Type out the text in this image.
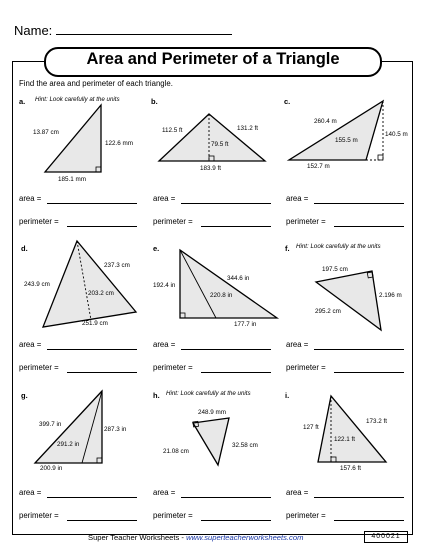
Name:
Area and Perimeter of a Triangle
Find the area and perimeter of each triangle.
a. Hint: Look carefully at the units
13.87 cm
122.6 mm
185.1 mm
b.
112.5 ft	131.2 ft
79.5 ft
183.9 ft
c.
260.4 m
155.5 m
140.5 m
152.7 m
area =
perimeter =
area =
perimeter =
area =
perimeter =
d.
237.3 cm
243.9 cm
203.2 cm
251.9 cm
e.
344.6 in
192.4 in
220.8 in
177.7 in
f. Hint: Look carefully at the units
197.5 cm
2.196 m
295.2 cm
area =
perimeter =
area =
perimeter =
area =
perimeter =
g.
399.7 in
287.3 in
291.2 in
200.9 in
h. Hint: Look carefully at the units
248.9 mm
21.08 cm
32.58 cm
i.
127 ft
173.2 ft
122.1 ft
157.6 ft
area =
perimeter =
area =
perimeter =
area =
perimeter =
Super Teacher Worksheets - www.superteacherworksheets.com	400021
